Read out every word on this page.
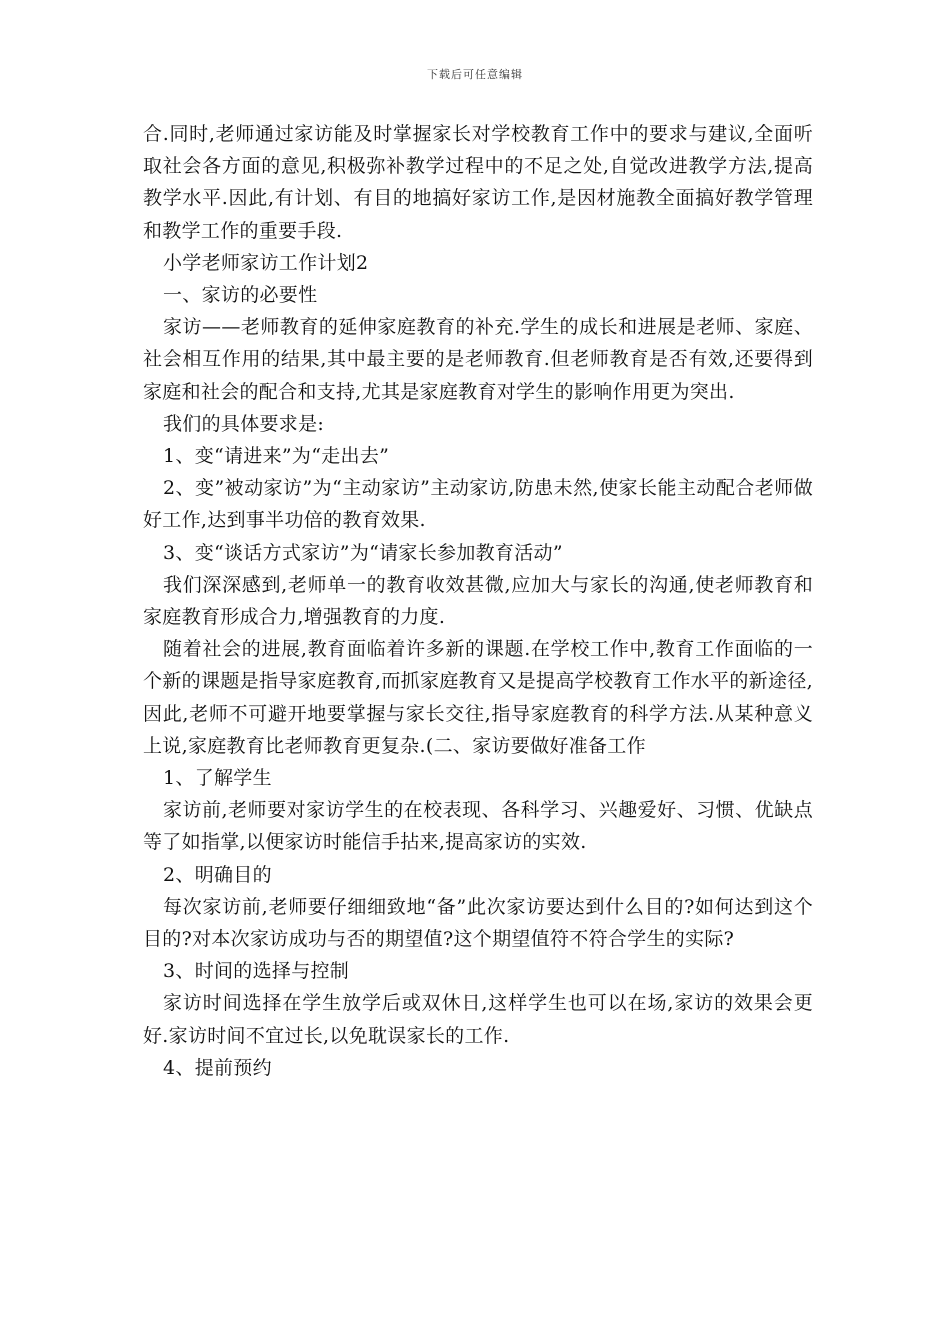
下载后可任意编辑

合.同时,老师通过家访能及时掌握家长对学校教育工作中的要求与建议,全面听取社会各方面的意见,积极弥补教学过程中的不足之处,自觉改进教学方法,提高教学水平.因此,有计划、有目的地搞好家访工作,是因材施教全面搞好教学管理和教学工作的重要手段.

小学老师家访工作计划2

一、家访的必要性

家访——老师教育的延伸家庭教育的补充.学生的成长和进展是老师、家庭、社会相互作用的结果,其中最主要的是老师教育.但老师教育是否有效,还要得到家庭和社会的配合和支持,尤其是家庭教育对学生的影响作用更为突出.

我们的具体要求是:

1、变“请进来”为“走出去”

2、变”被动家访”为“主动家访”主动家访,防患未然,使家长能主动配合老师做好工作,达到事半功倍的教育效果.

3、变“谈话方式家访”为“请家长参加教育活动”

我们深深感到,老师单一的教育收效甚微,应加大与家长的沟通,使老师教育和家庭教育形成合力,增强教育的力度.

随着社会的进展,教育面临着许多新的课题.在学校工作中,教育工作面临的一个新的课题是指导家庭教育,而抓家庭教育又是提高学校教育工作水平的新途径,因此,老师不可避开地要掌握与家长交往,指导家庭教育的科学方法.从某种意义上说,家庭教育比老师教育更复杂.(二、家访要做好准备工作

1、了解学生

家访前,老师要对家访学生的在校表现、各科学习、兴趣爱好、习惯、优缺点等了如指掌,以便家访时能信手拈来,提高家访的实效.

2、明确目的

每次家访前,老师要仔细细致地“备”此次家访要达到什么目的?如何达到这个目的?对本次家访成功与否的期望值?这个期望值符不符合学生的实际?

3、时间的选择与控制

家访时间选择在学生放学后或双休日,这样学生也可以在场,家访的效果会更好.家访时间不宜过长,以免耽误家长的工作.

4、提前预约
